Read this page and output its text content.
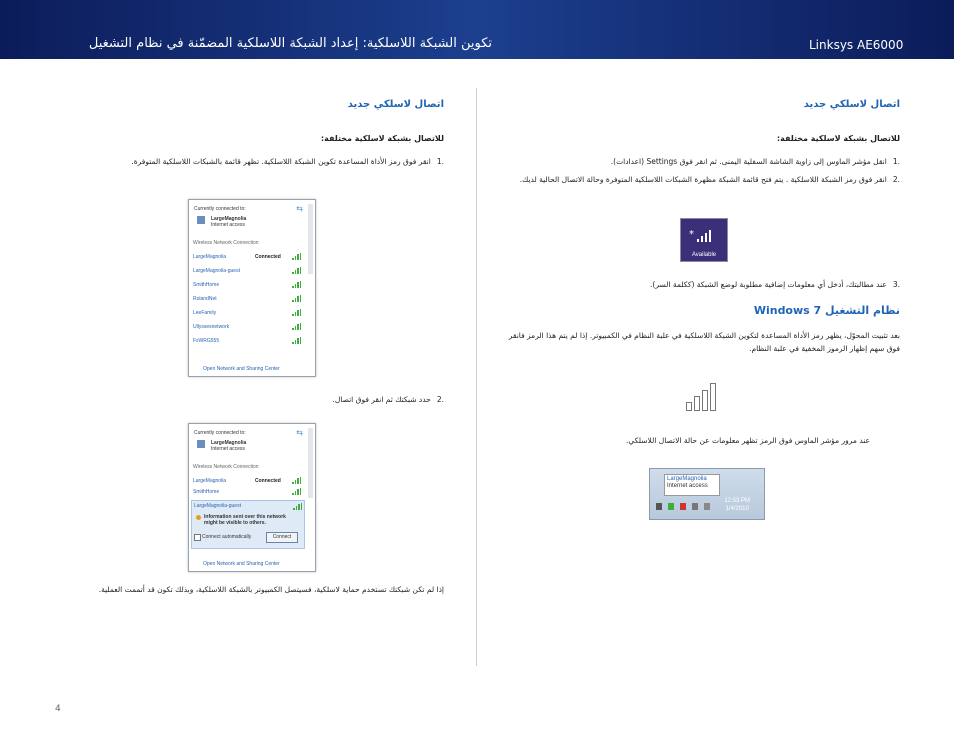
تكوين الشبكة اللاسلكية: إعداد الشبكة اللاسلكية المضمّنة في نظام التشغيل	Linksys AE6000
اتصال لاسلكي جديد
للاتصال بشبكة لاسلكية مختلفة:
.1انقل مؤشر الماوس إلى زاوية الشاشة السفلية اليمنى. ثم انقر فوق Settings (اعدادات).
.2انقر فوق رمز الشبكة اللاسلكية . يتم فتح قائمة الشبكة مظهرة الشبكات اللاسلكية المتوفرة وحالة الاتصال الحالية لديك.
*
Available
.3عند مطالبتك، أدخل أي معلومات إضافية مطلوبة لوضع الشبكة (ككلمة السر).
نظام التشغيل Windows 7
بعد تثبيت المحوّل، يظهر رمز الأداة المساعدة لتكوين الشبكة اللاسلكية في علبة النظام في الكمبيوتر. إذا لم يتم هذا الرمز فانقر فوق سهم إظهار الرموز المخفية في علبة النظام.
عند مرور مؤشر الماوس فوق الرمز تظهر معلومات عن حالة الاتصال اللاسلكي.
LargeMagnolia
Internet access
12:53 PM
1/4/2010
اتصال لاسلكي جديد
للاتصال بشبكة لاسلكية مختلفة:
.1انقر فوق رمز الأداة المساعدة تكوين الشبكة اللاسلكية. تظهر قائمة بالشبكات اللاسلكية المتوفرة.
Currently connected to:	⇆
LargeMagnolia
Internet access
Wireless Network Connection
LargeMagnolia	Connected
LargeMagnolia-guest
SmithHome
RolandNet
LeeFamily
Ullyssesnetwork
FxWRG555
Open Network and Sharing Center
.2حدد شبكتك ثم انقر فوق اتصال.
Currently connected to:	⇆
LargeMagnolia
Internet access
Wireless Network Connection
LargeMagnolia	Connected
SmithHome
LargeMagnolia-guest
Information sent over this network might be visible to others.
Connect automatically	Connect
Open Network and Sharing Center
إذا لم تكن شبكتك تستخدم حماية لاسلكية، فسيتصل الكمبيوتر بالشبكة اللاسلكية، وبذلك تكون قد أتممت العملية.
4
